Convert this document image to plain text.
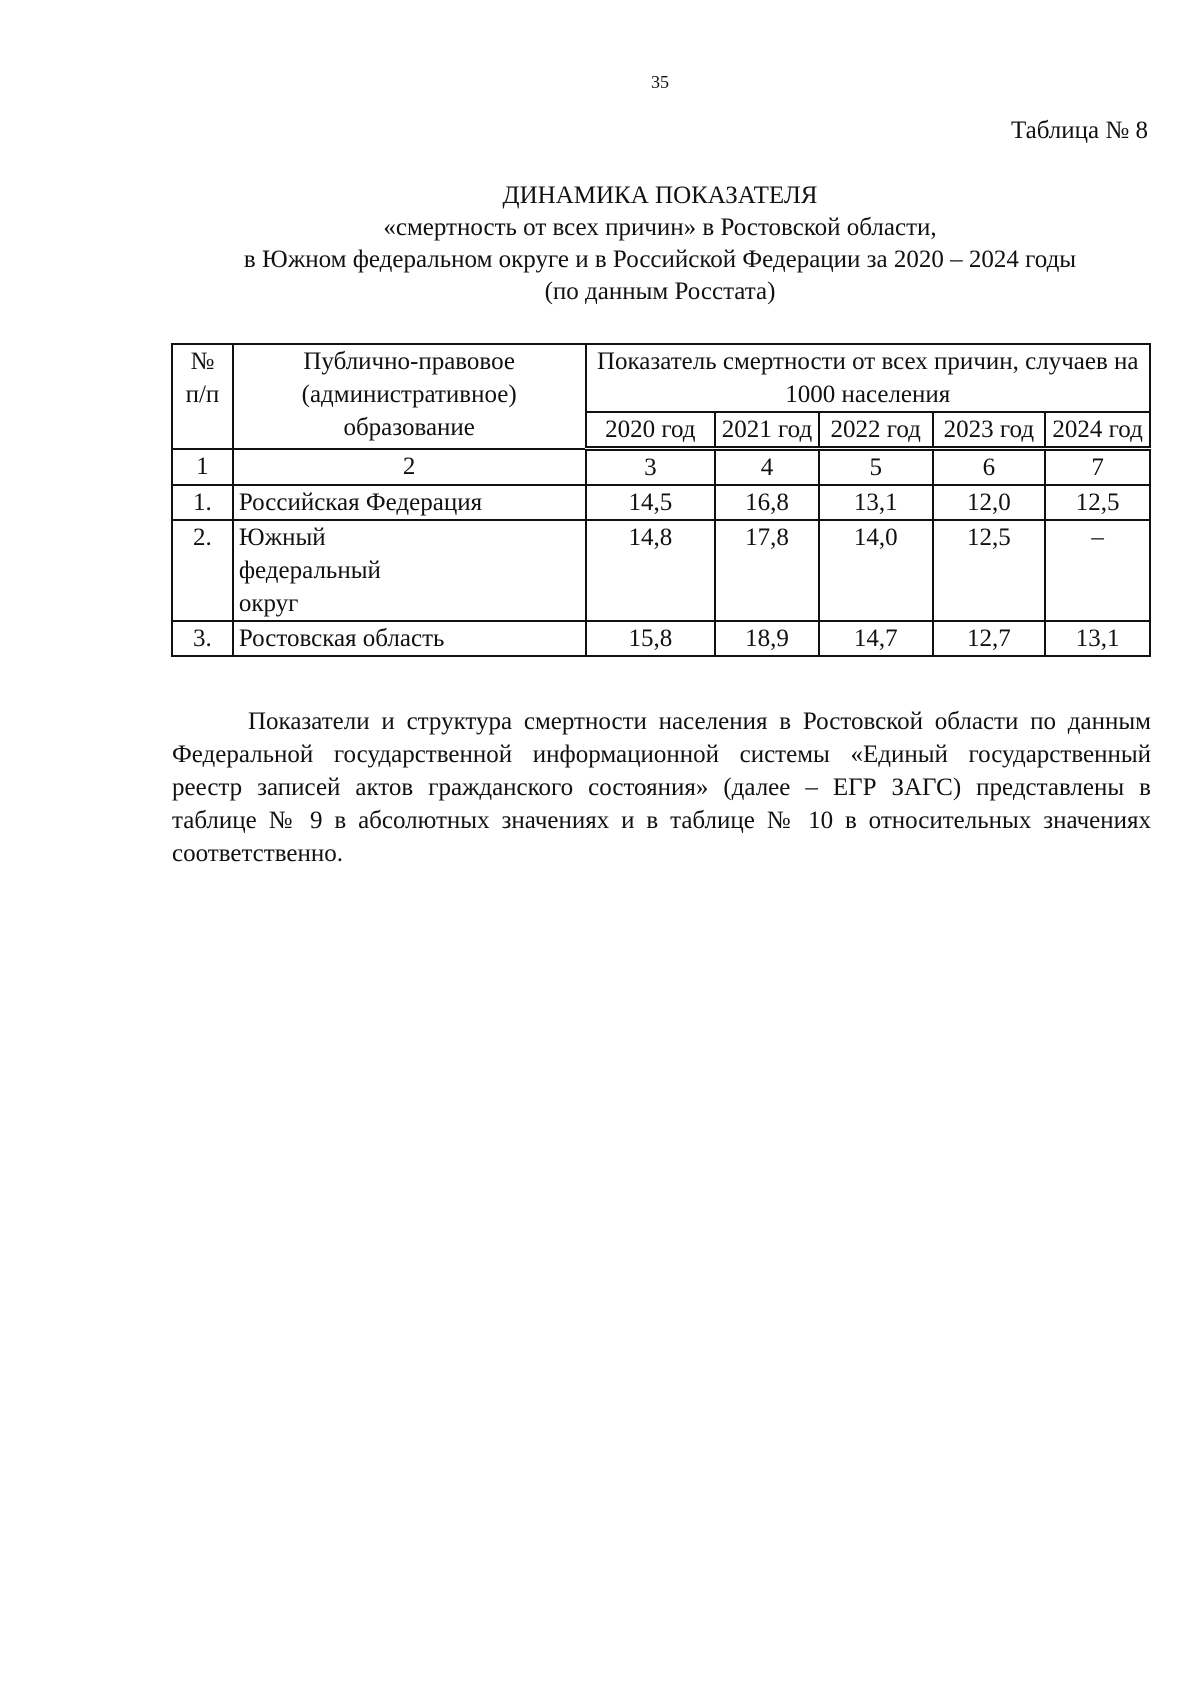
35
Таблица № 8
ДИНАМИКА ПОКАЗАТЕЛЯ
«смертность от всех причин» в Ростовской области,
в Южном федеральном округе и в Российской Федерации за 2020 – 2024 годы
(по данным Росстата)
№ п/п	Публично-правовое (административное) образование	Показатель смертности от всех причин, случаев на 1000 населения				
		2020 год	2021 год	2022 год	2023 год	2024 год
1	2	3	4	5	6	7
1.	Российская Федерация	14,5	16,8	13,1	12,0	12,5
2.	Южный федеральный округ	14,8	17,8	14,0	12,5	–
3.	Ростовская область	15,8	18,9	14,7	12,7	13,1
Показатели и структура смертности населения в Ростовской области по данным Федеральной государственной информационной системы «Единый государственный реестр записей актов гражданского состояния» (далее – ЕГР ЗАГС) представлены в таблице № 9 в абсолютных значениях и в таблице № 10 в относительных значениях соответственно.
